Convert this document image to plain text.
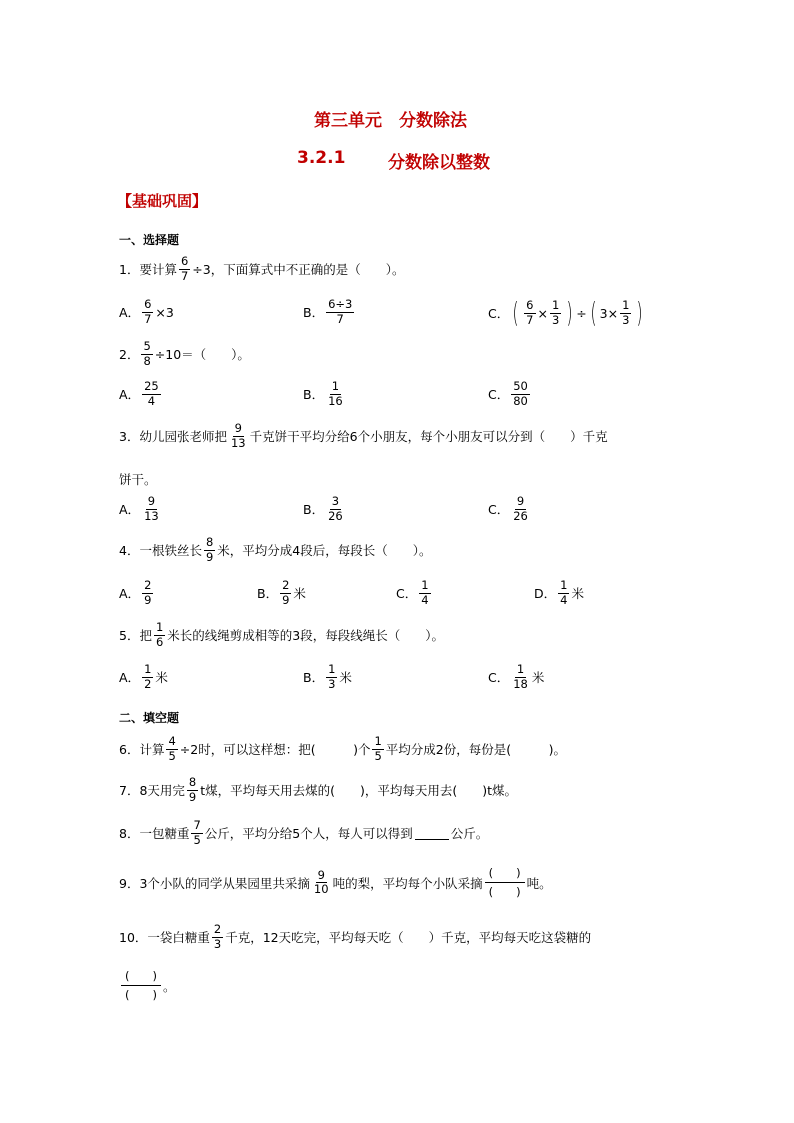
第三单元　分数除法
3.2.1	分数除以整数
【基础巩固】
一、选择题
1．要计算 $\frac{6}{7} \div 3$，下面算式中不正确的是（　　）。
A． $\frac{6}{7} \times 3$	B． $\frac{6\div 3}{7}$	C． ( $\frac{6}{7} \times \frac{1}{3}$ ) ÷ ( $3 \times \frac{1}{3}$ )
2． $\frac{5}{8} \div 10=$（　　）。
A． $\frac{25}{4}$	B． $\frac{1}{16}$	C． $\frac{50}{80}$
3．幼儿园张老师把 $\frac{9}{13}$ 千克饼干平均分给6个小朋友，每个小朋友可以分到（　　）千克
饼干。
A． $\frac{9}{13}$	B． $\frac{3}{26}$	C． $\frac{9}{26}$
4．一根铁丝长 $\frac{8}{9}$ 米，平均分成4段后，每段长（　　）。
A． $\frac{2}{9}$	B． $\frac{2}{9}$ 米	C． $\frac{1}{4}$	D． $\frac{1}{4}$ 米
5．把 $\frac{1}{6}$ 米长的线绳剪成相等的3段，每段线绳长（　　）。
A． $\frac{1}{2}$ 米	B． $\frac{1}{3}$ 米	C． $\frac{1}{18}$ 米
二、填空题
6．计算 $\frac{4}{5} \div 2$时，可以这样想：把(　　　)个 $\frac{1}{5}$ 平均分成2份，每份是(　　　)。
7．8天用完 $\frac{8}{9}$ t煤，平均每天用去煤的(　　)，平均每天用去(　　)t煤。
8．一包糖重 $\frac{7}{5}$ 公斤，平均分给5个人，每人可以得到	公斤。
9．3个小队的同学从果园里共采摘 $\frac{9}{10}$ 吨的梨，平均每个小队采摘 $\frac{( )}{( )}$ 吨。
10．一袋白糖重 $\frac{2}{3}$ 千克，12天吃完，平均每天吃（　　）千克，平均每天吃这袋糖的
$\frac{( )}{( )}$ 。
